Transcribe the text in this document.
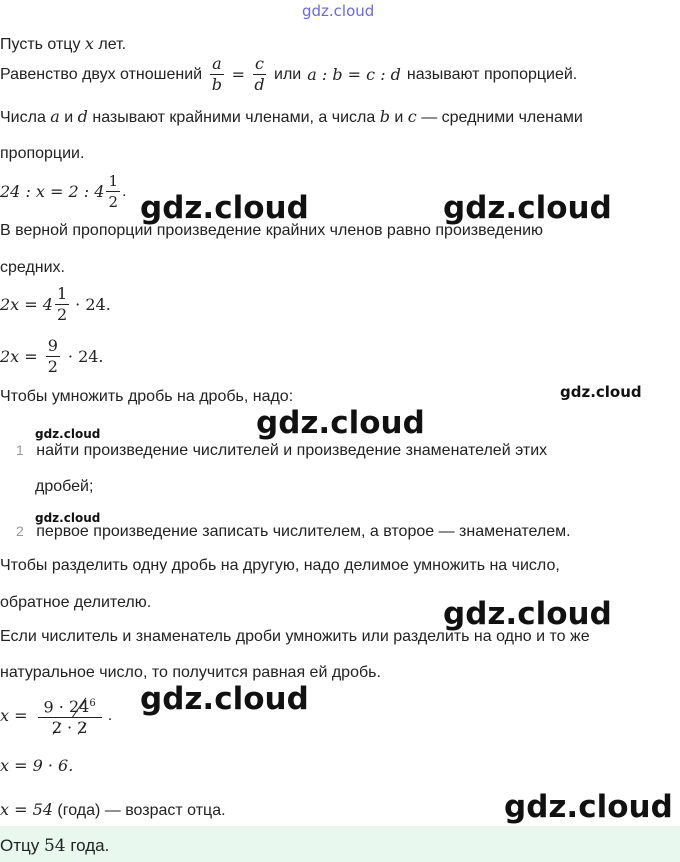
gdz.cloud
Пусть отцу x лет.
Равенство двух отношений $\frac{a}{b} = \frac{c}{d}$ или a : b = c : d называют пропорцией.
Числа a и d называют крайними членами, а числа b и c — средними членами
пропорции.
24 : x = 2 : $4 \frac{1}{2}$ .
В верной пропорции произведение крайних членов равно произведению
средних.
$2x = 4 \frac{1}{2} \cdot 24$.
$2x = \frac{9}{2} \cdot 24$.
Чтобы умножить дробь на дробь, надо:
1 найти произведение числителей и произведение знаменателей этих
дробей;
2 первое произведение записать числителем, а второе — знаменателем.
Чтобы разделить одну дробь на другую, надо делимое умножить на число,
обратное делителю.
Если числитель и знаменатель дроби умножить или разделить на одно и то же
натуральное число, то получится равная ей дробь.
$x = \frac{9 \cdot 24^6}{2 \cdot 2}$ .
x = 9 · 6.
x = 54 (года) — возраст отца.
Отцу 54 года.
gdz.cloud	gdz.cloud
gdz.cloud
gdz.cloud
gdz.cloud
gdz.cloud
gdz.cloud
gdz.cloud
gdz.cloud
